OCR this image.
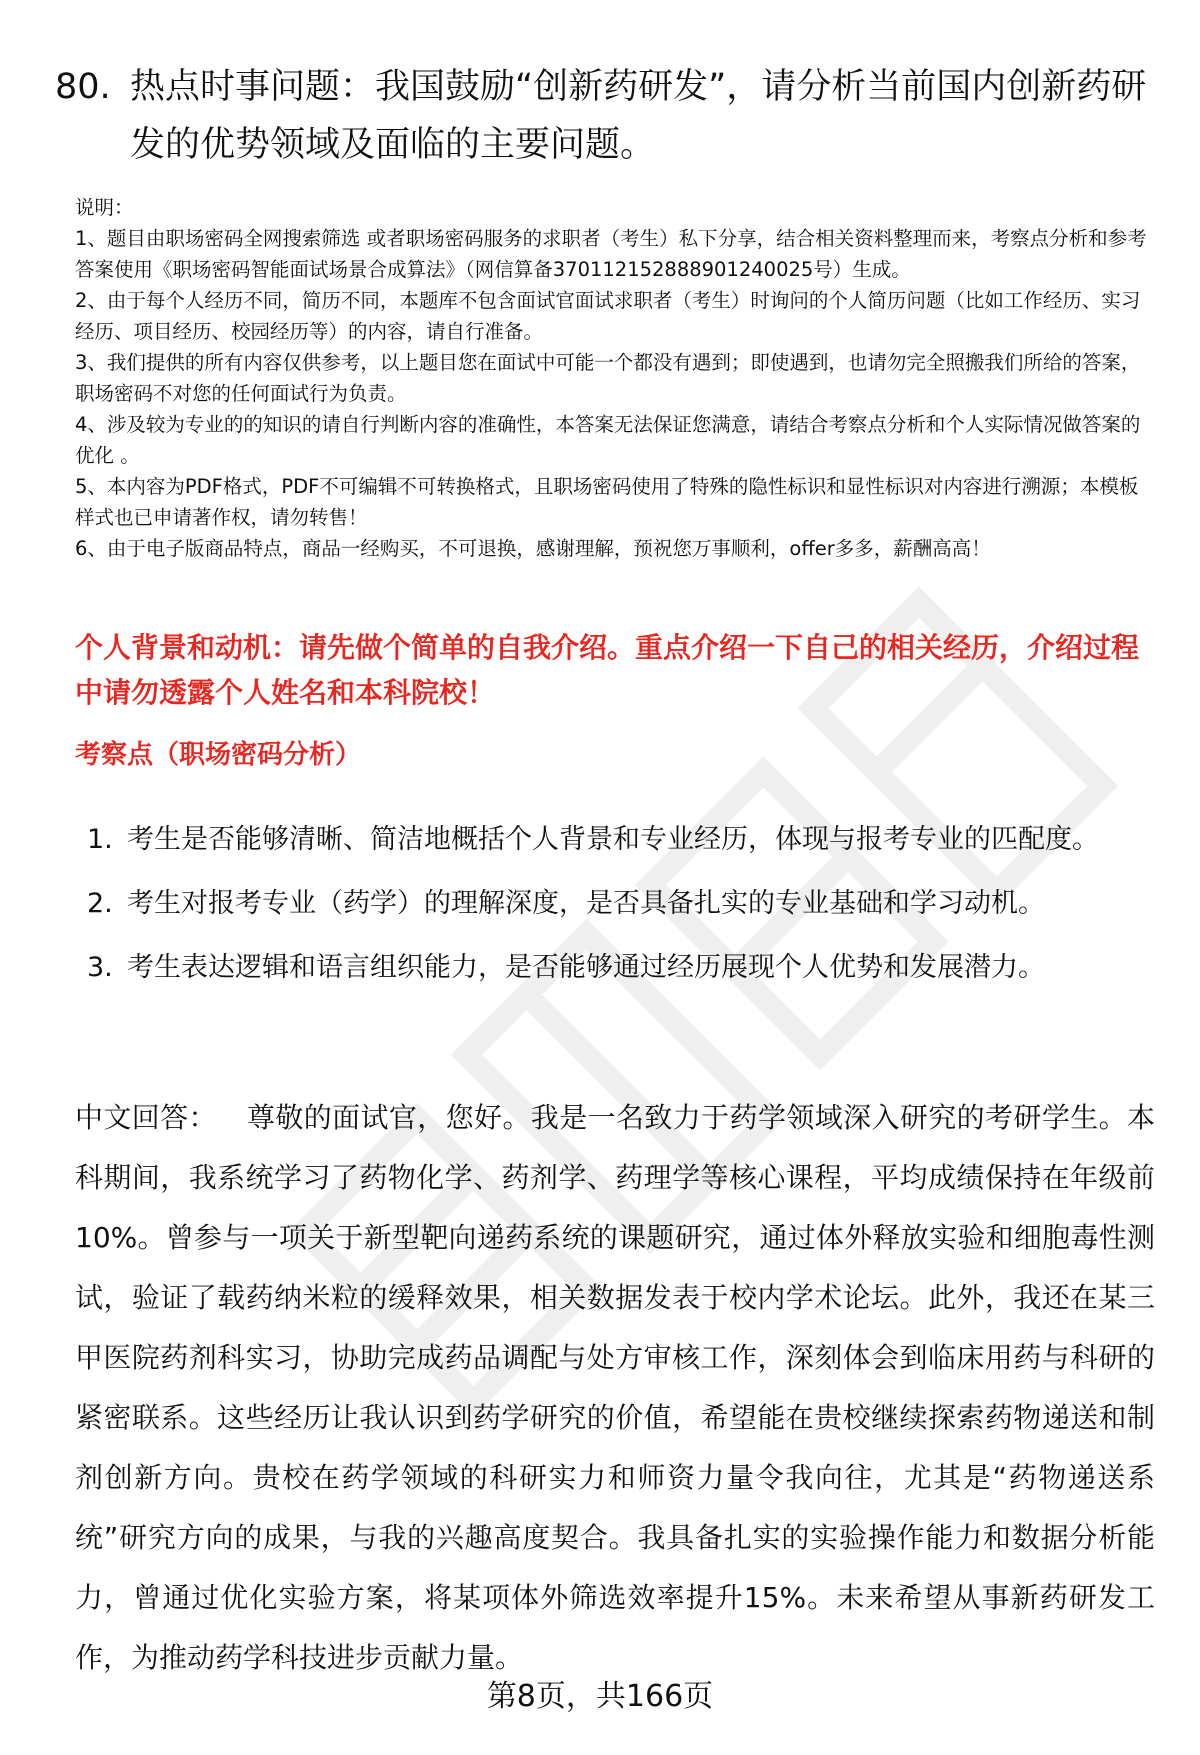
80. 热点时事问题：我国鼓励“创新药研发”，请分析当前国内创新药研发的优势领域及面临的主要问题。

说明：

1、题目由职场密码全网搜索筛选 或者职场密码服务的求职者（考生）私下分享，结合相关资料整理而来，考察点分析和参考答案使用《职场密码智能面试场景合成算法》（网信算备370112152888901240025号）生成。

2、由于每个人经历不同，简历不同，本题库不包含面试官面试求职者（考生）时询问的个人简历问题（比如工作经历、实习经历、项目经历、校园经历等）的内容，请自行准备。

3、我们提供的所有内容仅供参考，以上题目您在面试中可能一个都没有遇到；即使遇到，也请勿完全照搬我们所给的答案，职场密码不对您的任何面试行为负责。

4、涉及较为专业的的知识的请自行判断内容的准确性，本答案无法保证您满意，请结合考察点分析和个人实际情况做答案的优化 。

5、本内容为PDF格式，PDF不可编辑不可转换格式，且职场密码使用了特殊的隐性标识和显性标识对内容进行溯源；本模板样式也已申请著作权，请勿转售！

6、由于电子版商品特点，商品一经购买，不可退换，感谢理解，预祝您万事顺利，offer多多，薪酬高高！

个人背景和动机：请先做个简单的自我介绍。重点介绍一下自己的相关经历，介绍过程中请勿透露个人姓名和本科院校！
考察点（职场密码分析）
1. 考生是否能够清晰、简洁地概括个人背景和专业经历，体现与报考专业的匹配度。
2. 考生对报考专业（药学）的理解深度，是否具备扎实的专业基础和学习动机。
3. 考生表达逻辑和语言组织能力，是否能够通过经历展现个人优势和发展潜力。
中文回答： 尊敬的面试官，您好。我是一名致力于药学领域深入研究的考研学生。本科期间，我系统学习了药物化学、药剂学、药理学等核心课程，平均成绩保持在年级前10%。曾参与一项关于新型靶向递药系统的课题研究，通过体外释放实验和细胞毒性测试，验证了载药纳米粒的缓释效果，相关数据发表于校内学术论坛。此外，我还在某三甲医院药剂科实习，协助完成药品调配与处方审核工作，深刻体会到临床用药与科研的紧密联系。这些经历让我认识到药学研究的价值，希望能在贵校继续探索药物递送和制剂创新方向。贵校在药学领域的科研实力和师资力量令我向往，尤其是“药物递送系统”研究方向的成果，与我的兴趣高度契合。我具备扎实的实验操作能力和数据分析能力，曾通过优化实验方案，将某项体外筛选效率提升15%。未来希望从事新药研发工作，为推动药学科技进步贡献力量。
第8页，共166页
